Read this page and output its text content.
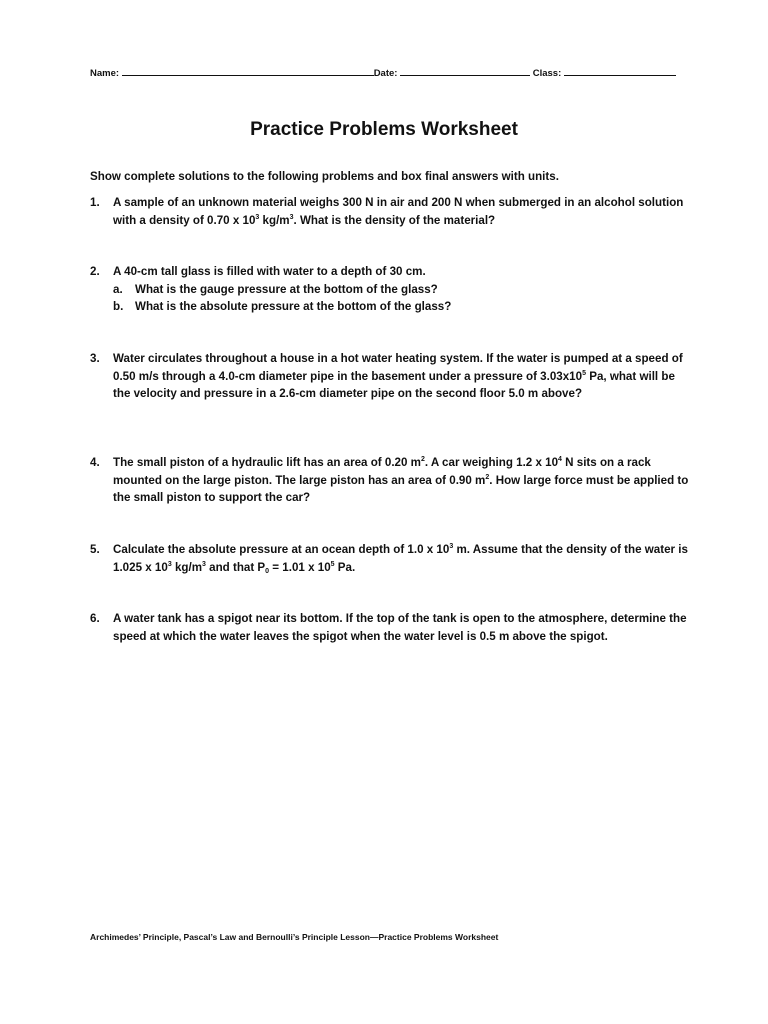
Name:	Date:	Class:
Practice Problems Worksheet
Show complete solutions to the following problems and box final answers with units.
1. A sample of an unknown material weighs 300 N in air and 200 N when submerged in an alcohol solution with a density of 0.70 x $10^3$ $kg/m^3$. What is the density of the material?
2. A 40-cm tall glass is filled with water to a depth of 30 cm.
a. What is the gauge pressure at the bottom of the glass?
b. What is the absolute pressure at the bottom of the glass?
3. Water circulates throughout a house in a hot water heating system. If the water is pumped at a speed of 0.50 m/s through a 4.0-cm diameter pipe in the basement under a pressure of $3.03x10^5$ Pa, what will be the velocity and pressure in a 2.6-cm diameter pipe on the second floor 5.0 m above?
4. The small piston of a hydraulic lift has an area of 0.20 $m^2$. A car weighing 1.2 x $10^4$ N sits on a rack mounted on the large piston. The large piston has an area of 0.90 $m^2$. How large force must be applied to the small piston to support the car?
5. Calculate the absolute pressure at an ocean depth of 1.0 x $10^3$ m. Assume that the density of the water is 1.025 x $10^3$ $kg/m^3$ and that $P_0 = 1.01$ x $10^5$ Pa.
6. A water tank has a spigot near its bottom. If the top of the tank is open to the atmosphere, determine the speed at which the water leaves the spigot when the water level is 0.5 m above the spigot.
Archimedes’ Principle, Pascal’s Law and Bernoulli’s Principle Lesson—Practice Problems Worksheet
